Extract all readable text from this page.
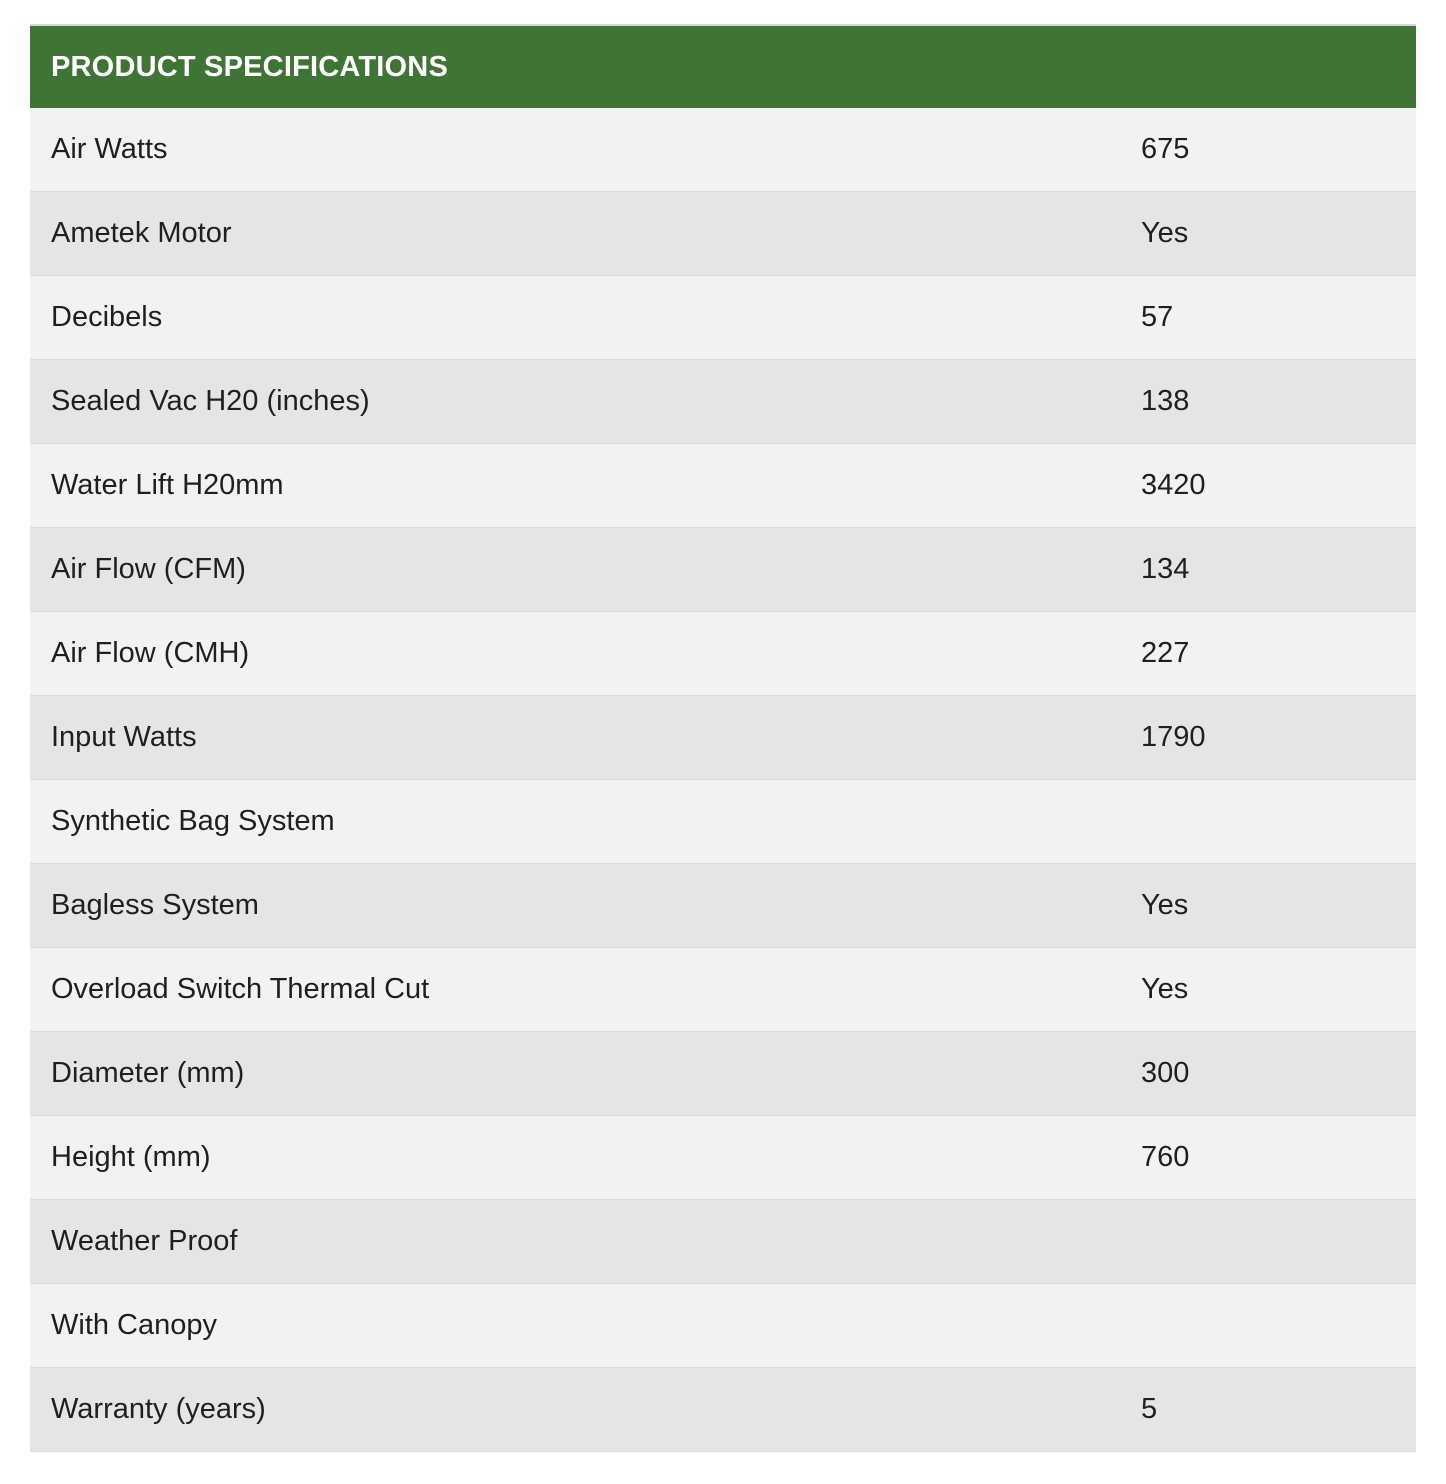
PRODUCT SPECIFICATIONS
Air Watts	675
Ametek Motor	Yes
Decibels	57
Sealed Vac H20 (inches)	138
Water Lift H20mm	3420
Air Flow (CFM)	134
Air Flow (CMH)	227
Input Watts	1790
Synthetic Bag System
Bagless System	Yes
Overload Switch Thermal Cut	Yes
Diameter (mm)	300
Height (mm)	760
Weather Proof
With Canopy
Warranty (years)	5
